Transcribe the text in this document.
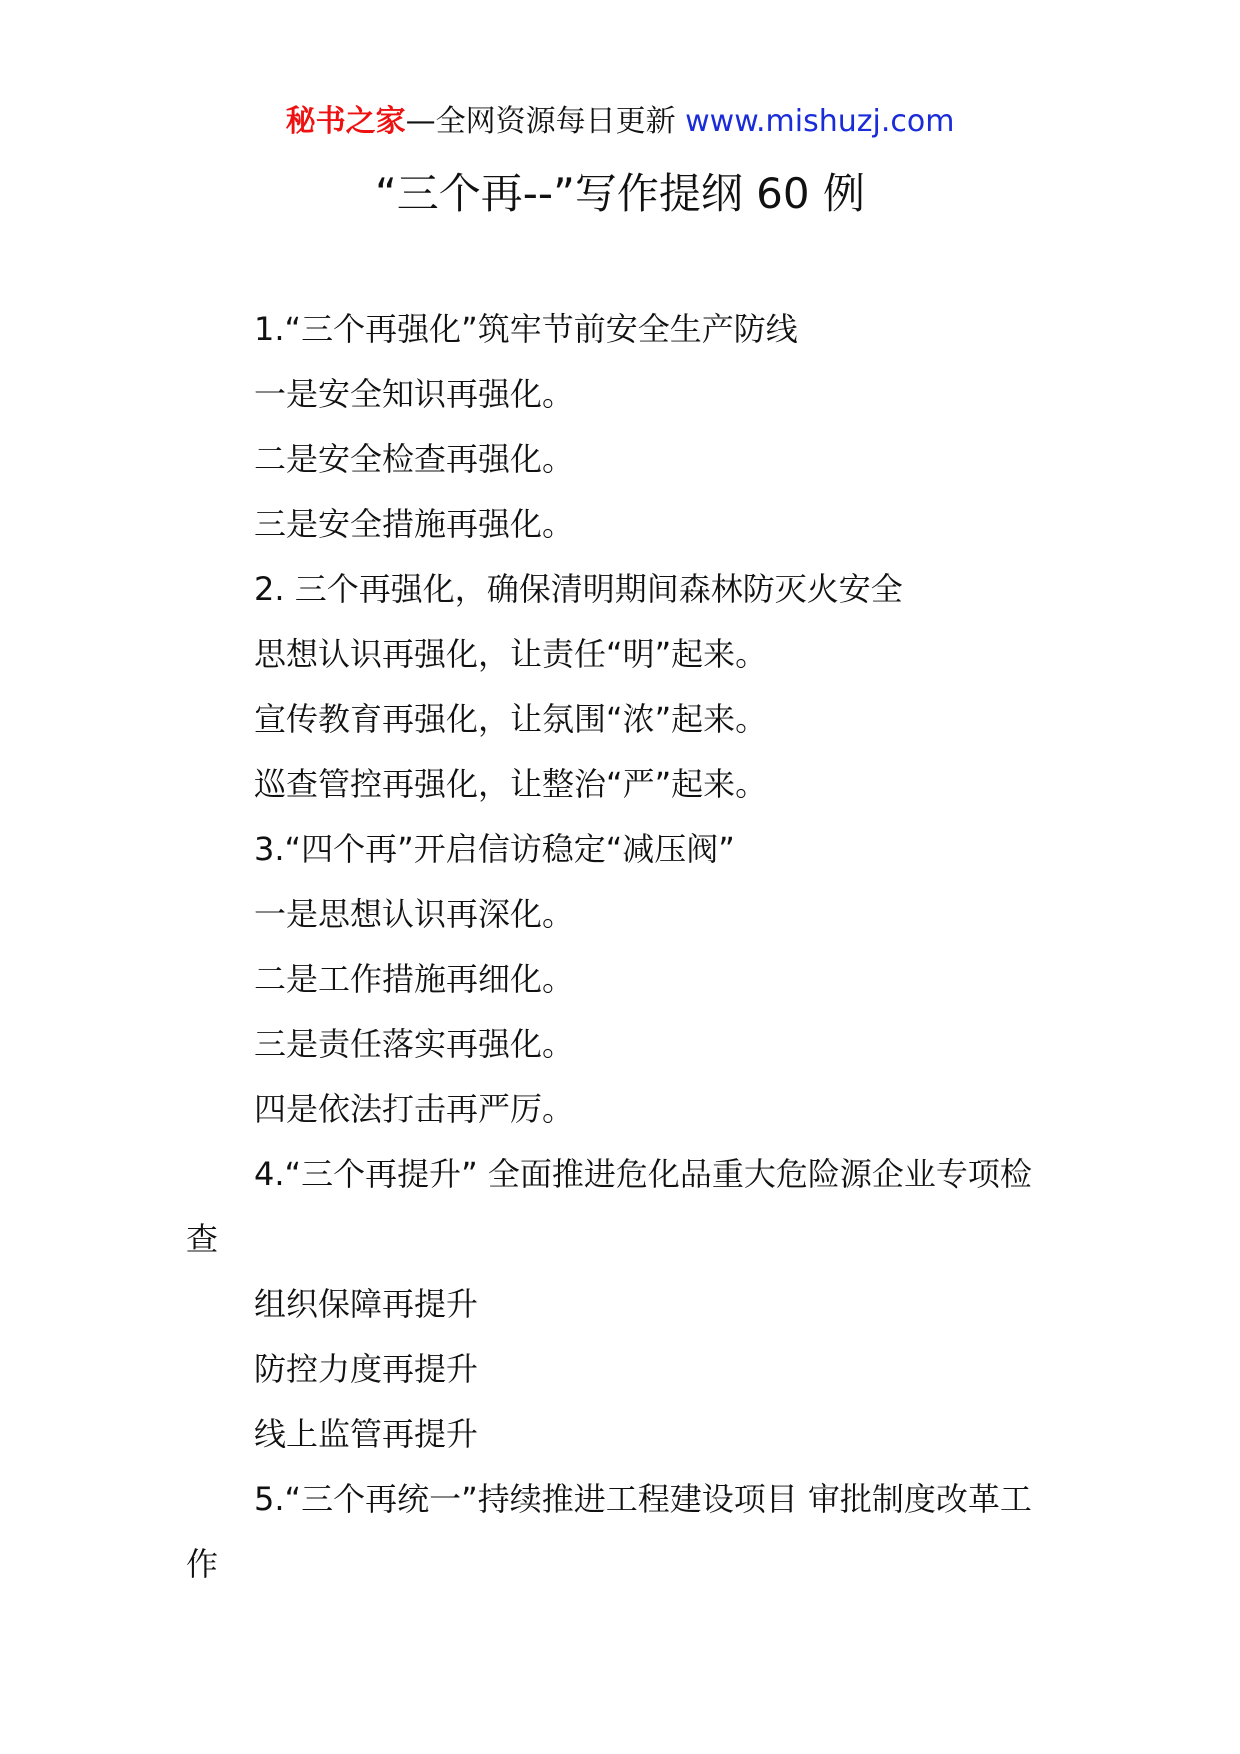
秘书之家—全网资源每日更新 www.mishuzj.com
“三个再--”写作提纲 60 例

1.“三个再强化”筑牢节前安全生产防线

一是安全知识再强化。

二是安全检查再强化。

三是安全措施再强化。

2. 三个再强化，确保清明期间森林防灭火安全

思想认识再强化，让责任“明”起来。

宣传教育再强化，让氛围“浓”起来。

巡查管控再强化，让整治“严”起来。

3.“四个再”开启信访稳定“减压阀”

一是思想认识再深化。

二是工作措施再细化。

三是责任落实再强化。

四是依法打击再严厉。

4.“三个再提升” 全面推进危化品重大危险源企业专项检查

组织保障再提升

防控力度再提升

线上监管再提升

5.“三个再统一”持续推进工程建设项目 审批制度改革工作
